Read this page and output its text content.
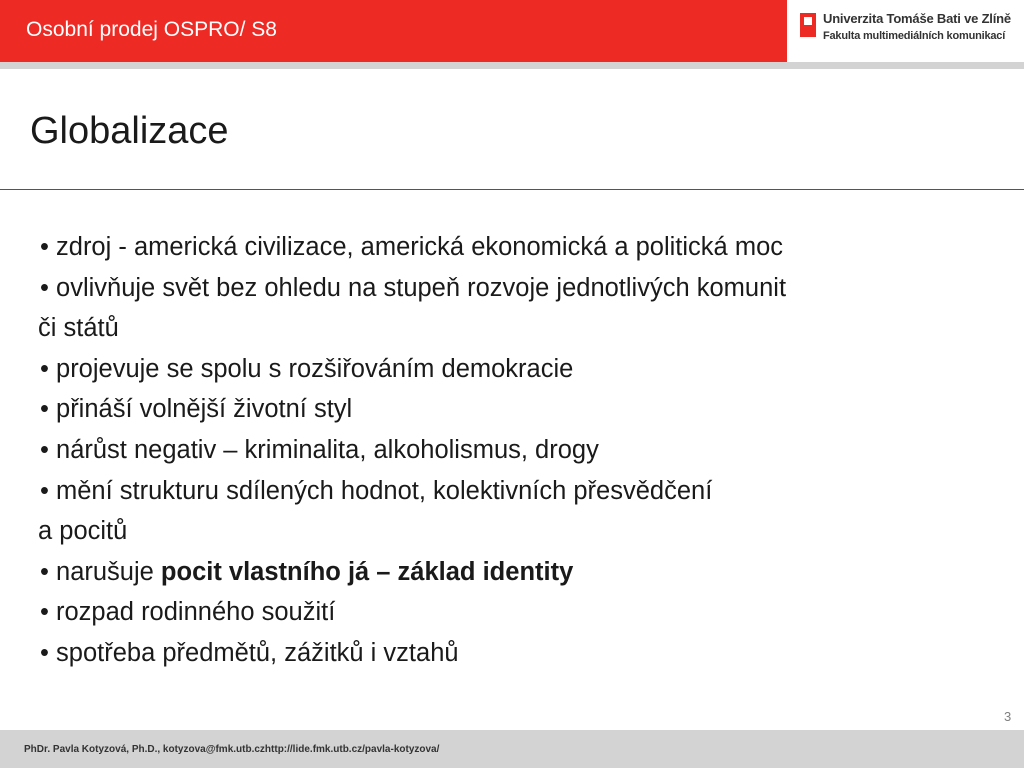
Osobní prodej OSPRO/ S8	Univerzita Tomáše Bati ve Zlíně
Fakulta multimediálních komunikací
Globalizace
• zdroj - americká civilizace, americká ekonomická a politická moc
• ovlivňuje svět bez ohledu na stupeň rozvoje jednotlivých komunit
či států
• projevuje se spolu s rozšiřováním demokracie
• přináší volnější životní styl
• nárůst negativ – kriminalita, alkoholismus, drogy
• mění strukturu sdílených hodnot, kolektivních přesvědčení
a pocitů
• narušuje pocit vlastního já – základ identity
• rozpad rodinného soužití
• spotřeba předmětů, zážitků i vztahů
3
PhDr. Pavla Kotyzová, Ph.D., kotyzova@fmk.utb.czhttp://lide.fmk.utb.cz/pavla-kotyzova/
